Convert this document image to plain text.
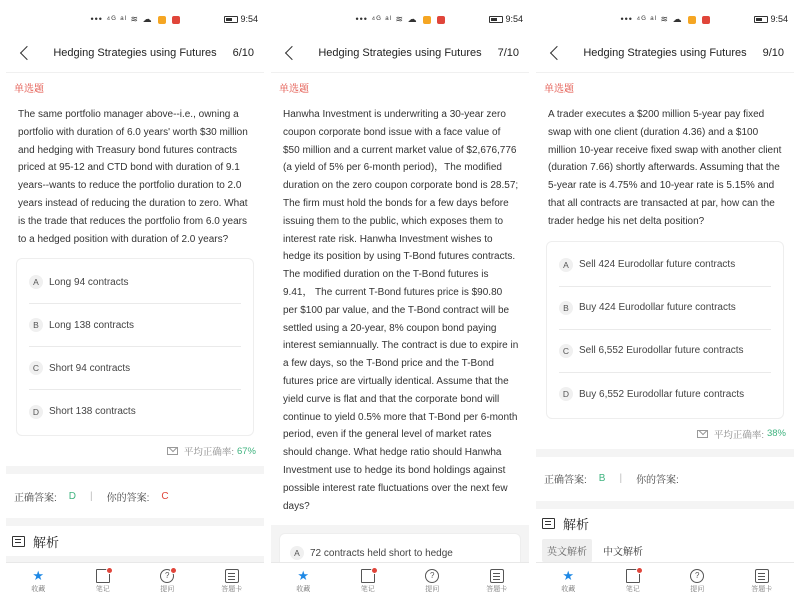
••• ⁴ᴳ ᵃˡ ≋ ☁	9:54
Hedging Strategies using Futures	6/10
单选题
The same portfolio manager above--i.e., owning a portfolio with duration of 6.0 years' worth $30 million and hedging with Treasury bond futures contracts priced at 95-12 and CTD bond with duration of 9.1 years--wants to reduce the portfolio duration to 2.0 years instead of reducing the duration to zero. What is the trade that reduces the portfolio from 6.0 years to a hedged position with duration of 2.0 years?
A	Long 94 contracts
B	Long 138 contracts
C Short 94 contracts
D Short 138 contracts
平均正确率: 67%
正确答案: D | 你的答案: C
解析
★
收藏	笔记
?
提问	答题卡
••• ⁴ᴳ ᵃˡ ≋ ☁	9:54
Hedging Strategies using Futures	7/10
单选题
Hanwha Investment is underwriting a 30-year zero coupon corporate bond issue with a face value of $50 million and a current market value of $2,676,776 (a yield of 5% per 6-month period)，The modified duration on the zero coupon corporate bond is 28.57; The firm must hold the bonds for a few days before issuing them to the public, which exposes them to interest rate risk. Hanwha Investment wishes to hedge its position by using T-Bond futures contracts. The modified duration on the T-Bond futures is 9.41， The current T-Bond futures price is $90.80 per $100 par value, and the T-Bond contract will be settled using a 20-year, 8% coupon bond paying interest semiannually. The contract is due to expire in a few days, so the T-Bond price and the T-Bond futures price are virtually identical. Assume that the yield curve is flat and that the corporate bond will continue to yield 0.5% more that T-Bond per 6-month period, even if the general level of market rates should change. What hedge ratio should Hanwha Investment use to hedge its bond holdings against possible interest rate fluctuations over the next few days?
A	72 contracts held short to hedge
★
收藏	笔记
?
提问	答题卡
••• ⁴ᴳ ᵃˡ ≋ ☁	9:54
Hedging Strategies using Futures	9/10
单选题
A trader executes a $200 million 5-year pay fixed swap with one client (duration 4.36) and a $100 million 10-year receive fixed swap with another client (duration 7.66) shortly afterwards. Assuming that the 5-year rate is 4.75% and 10-year rate is 5.15% and that all contracts are transacted at par, how can the trader hedge his net delta position?
A	Sell 424 Eurodollar future contracts
B	Buy 424 Eurodollar future contracts
C Sell 6,552 Eurodollar future contracts
D Buy 6,552 Eurodollar future contracts
平均正确率: 38%
正确答案: B | 你的答案:
解析
英文解析	中文解析
★
收藏	笔记
?
提问	答题卡
